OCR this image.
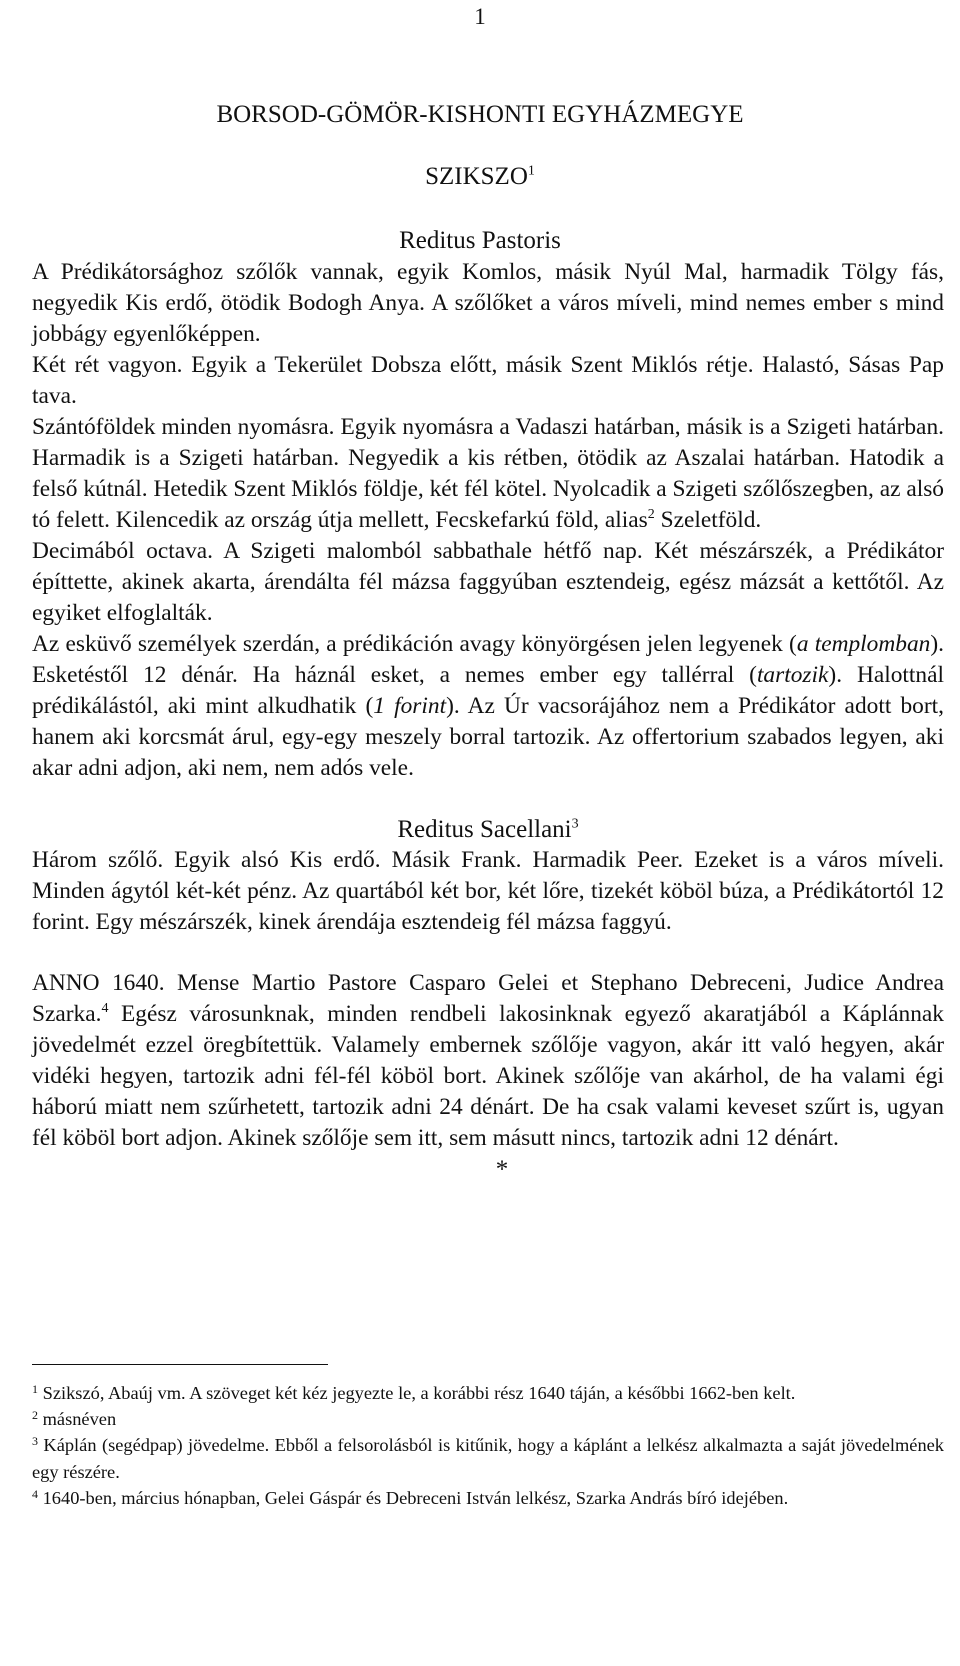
1
BORSOD-GÖMÖR-KISHONTI EGYHÁZMEGYE
SZIKSZO$^1$
Reditus Pastoris

A Prédikátorsághoz szőlők vannak, egyik Komlos, másik Nyúl Mal, harmadik Tölgy fás, negyedik Kis erdő, ötödik Bodogh Anya. A szőlőket a város míveli, mind nemes ember s mind jobbágy egyenlőképpen.

Két rét vagyon. Egyik a Tekerület Dobsza előtt, másik Szent Miklós rétje. Halastó, Sásas Pap tava.

Szántóföldek minden nyomásra. Egyik nyomásra a Vadaszi határban, másik is a Szigeti határban. Harmadik is a Szigeti határban. Negyedik a kis rétben, ötödik az Aszalai határban. Hatodik a felső kútnál. Hetedik Szent Miklós földje, két fél kötel. Nyolcadik a Szigeti szőlőszegben, az alsó tó felett. Kilencedik az ország útja mellett, Fecskefarkú föld, alias$^2$ Szeletföld.

Decimából octava. A Szigeti malomból sabbathale hétfő nap. Két mészárszék, a Prédikátor építtette, akinek akarta, árendálta fél mázsa faggyúban esztendeig, egész mázsát a kettőtől. Az egyiket elfoglalták.

Az esküvő személyek szerdán, a prédikáción avagy könyörgésen jelen legyenek (a templomban). Esketéstől 12 dénár. Ha háznál esket, a nemes ember egy tallérral (tartozik). Halottnál prédikálástól, aki mint alkudhatik (1 forint). Az Úr vacsorájához nem a Prédikátor adott bort, hanem aki korcsmát árul, egy-egy meszely borral tartozik. Az offertorium szabados legyen, aki akar adni adjon, aki nem, nem adós vele.

Reditus Sacellani$^3$

Három szőlő. Egyik alsó Kis erdő. Másik Frank. Harmadik Peer. Ezeket is a város míveli. Minden ágytól két-két pénz. Az quartából két bor, két lőre, tizekét köböl búza, a Prédikátortól 12 forint. Egy mészárszék, kinek árendája esztendeig fél mázsa faggyú.

ANNO 1640. Mense Martio Pastore Casparo Gelei et Stephano Debreceni, Judice Andrea Szarka.$^4$ Egész városunknak, minden rendbeli lakosinknak egyező akaratjából a Káplánnak jövedelmét ezzel öregbítettük. Valamely embernek szőlője vagyon, akár itt való hegyen, akár vidéki hegyen, tartozik adni fél-fél köböl bort. Akinek szőlője van akárhol, de ha valami égi háború miatt nem szűrhetett, tartozik adni 24 dénárt. De ha csak valami keveset szűrt is, ugyan fél köböl bort adjon. Akinek szőlője sem itt, sem másutt nincs, tartozik adni 12 dénárt.

*

$^1$ Szikszó, Abaúj vm. A szöveget két kéz jegyezte le, a korábbi rész 1640 táján, a későbbi 1662-ben kelt.

$^2$ másnéven

$^3$ Káplán (segédpap) jövedelme. Ebből a felsorolásból is kitűnik, hogy a káplánt a lelkész alkalmazta a saját jövedelmének egy részére.

$^4$ 1640-ben, március hónapban, Gelei Gáspár és Debreceni István lelkész, Szarka András bíró idejében.
